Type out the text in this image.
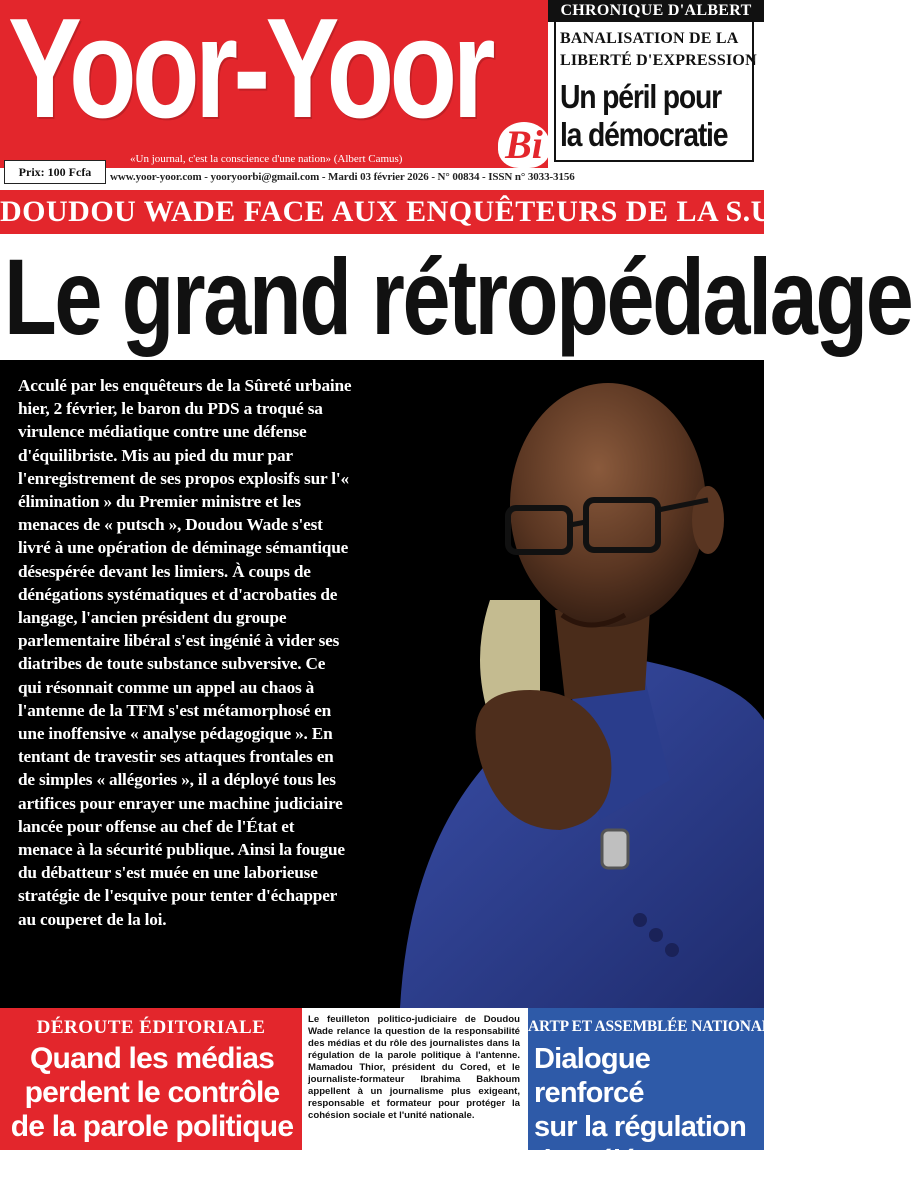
Yoor-Yoor Bi
«Un journal, c'est la conscience d'une nation» (Albert Camus)
Prix: 100 Fcfa	www.yoor-yoor.com - yooryoorbi@gmail.com - Mardi 03 février 2026 - N° 00834 - ISSN n° 3033-3156
CHRONIQUE D'ALBERT
BANALISATION DE LA
LIBERTÉ D'EXPRESSION
Un péril pour
la démocratie
DOUDOU WADE FACE AUX ENQUÊTEURS DE LA S.U.
Le grand rétropédalage
Acculé par les enquêteurs de la Sûreté urbaine hier, 2 février, le baron du PDS a troqué sa virulence médiatique contre une défense d'équilibriste. Mis au pied du mur par l'enregistrement de ses propos explosifs sur l'« élimination » du Premier ministre et les menaces de « putsch », Doudou Wade s'est livré à une opération de déminage sémantique désespérée devant les limiers. À coups de dénégations systématiques et d'acrobaties de langage, l'ancien président du groupe parlementaire libéral s'est ingénié à vider ses diatribes de toute substance subversive. Ce qui résonnait comme un appel au chaos à l'antenne de la TFM s'est métamorphosé en une inoffensive « analyse pédagogique ». En tentant de travestir ses attaques frontales en de simples « allégories », il a déployé tous les artifices pour enrayer une machine judiciaire lancée pour offense au chef de l'État et menace à la sécurité publique. Ainsi la fougue du débatteur s'est muée en une laborieuse stratégie de l'esquive pour tenter d'échapper au couperet de la loi.
DÉROUTE ÉDITORIALE
Quand les médias
perdent le contrôle
de la parole politique
Le feuilleton politico-judiciaire de Doudou Wade relance la question de la responsabilité des médias et du rôle des journalistes dans la régulation de la parole politique à l'antenne. Mamadou Thior, président du Cored, et le journaliste-formateur Ibrahima Bakhoum appellent à un journalisme plus exigeant, responsable et formateur pour protéger la cohésion sociale et l'unité nationale.
ARTP ET ASSEMBLÉE NATIONALE
Dialogue renforcé
sur la régulation
des télécoms
